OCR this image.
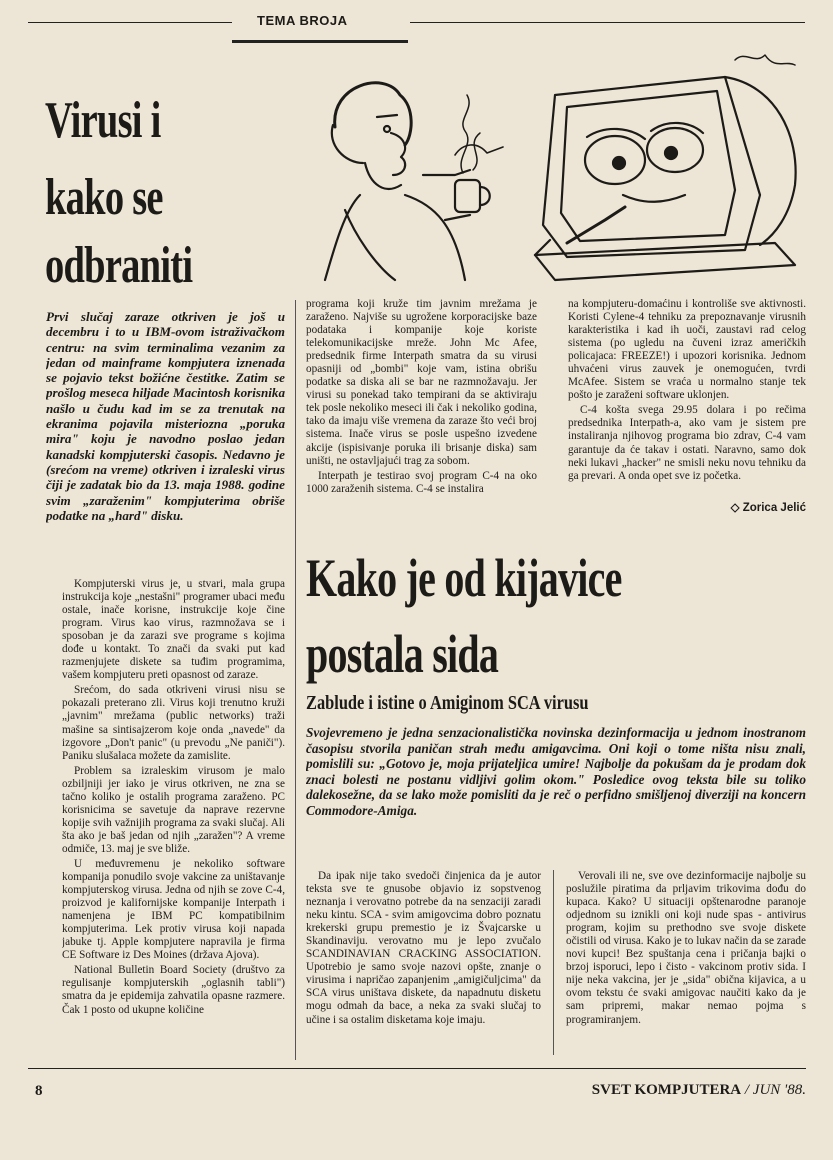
TEMA BROJA
Virusi i
kako se
odbraniti
Prvi slučaj zaraze otkriven je još u decembru i to u IBM-ovom istraživačkom centru: na svim terminalima vezanim za jedan od mainframe kompjutera iznenada se pojavio tekst božićne čestitke. Zatim se prošlog meseca hiljade Macintosh korisnika našlo u čudu kad im se za trenutak na ekranima pojavila misteriozna „poruka mira" koju je navodno poslao jedan kanadski kompjuterski časopis. Nedavno je (srećom na vreme) otkriven i izraleski virus čiji je zadatak bio da 13. maja 1988. godine svim „zaraženim" kompjuterima obriše podatke na „hard" disku.

Kompjuterski virus je, u stvari, mala grupa instrukcija koje „nestašni" programer ubaci među ostale, inače korisne, instrukcije koje čine program. Virus kao virus, razmnožava se i sposoban je da zarazi sve programe s kojima dođe u kontakt. To znači da svaki put kad razmenjujete diskete sa tuđim programima, vašem kompjuteru preti opasnost od zaraze.

Srećom, do sada otkriveni virusi nisu se pokazali preterano zli. Virus koji trenutno kruži „javnim" mrežama (public networks) traži mašine sa sintisajzerom koje onda „navede" da izgovore „Don't panic" (u prevodu „Ne paniči"). Paniku slušalaca možete da zamislite.

Problem sa izraleskim virusom je malo ozbiljniji jer iako je virus otkriven, ne zna se tačno koliko je ostalih programa zaraženo. PC korisnicima se savetuje da naprave rezervne kopije svih važnijih programa za svaki slučaj. Ali šta ako je baš jedan od njih „zaražen"? A vreme odmiče, 13. maj je sve bliže.

U međuvremenu je nekoliko software kompanija ponudilo svoje vakcine za uništavanje kompjuterskog virusa. Jedna od njih se zove C-4, proizvod je kalifornijske kompanije Interpath i namenjena je IBM PC kompatibilnim kompjuterima. Lek protiv virusa koji napada jabuke tj. Apple kompjutere napravila je firma CE Software iz Des Moines (država Ajova).

National Bulletin Board Society (društvo za regulisanje kompjuterskih „oglasnih tabli") smatra da je epidemija zahvatila opasne razmere. Čak 1 posto od ukupne količine

programa koji kruže tim javnim mrežama je zaraženo. Najviše su ugrožene korporacijske baze podataka i kompanije koje koriste telekomunikacijske mreže. John Mc Afee, predsednik firme Interpath smatra da su virusi opasniji od „bombi" koje vam, istina obrišu podatke sa diska ali se bar ne razmnožavaju. Jer virusi su ponekad tako tempirani da se aktiviraju tek posle nekoliko meseci ili čak i nekoliko godina, tako da imaju više vremena da zaraze što veći broj sistema. Inače virus se posle uspešno izvedene akcije (ispisivanje poruka ili brisanje diska) sam uništi, ne ostavljajući trag za sobom.

Interpath je testirao svoj program C-4 na oko 1000 zaraženih sistema. C-4 se instalira

na kompjuteru-domaćinu i kontroliše sve aktivnosti. Koristi Cylene-4 tehniku za prepoznavanje virusnih karakteristika i kad ih uoči, zaustavi rad celog sistema (po ugledu na čuveni izraz američkih policajaca: FREEZE!) i upozori korisnika. Jednom uhvaćeni virus zauvek je onemogućen, tvrdi McAfee. Sistem se vraća u normalno stanje tek pošto je zaraženi software uklonjen.

C-4 košta svega 29.95 dolara i po rečima predsednika Interpath-a, ako vam je sistem pre instaliranja njihovog programa bio zdrav, C-4 vam garantuje da će takav i ostati. Naravno, samo dok neki lukavi „hacker" ne smisli neku novu tehniku da ga prevari. A onda opet sve iz početka.

◇ Zorica Jelić
Kako je od kijavice
postala sida
Zablude i istine o Amiginom SCA virusu
Svojevremeno je jedna senzacionalistička novinska dezinformacija u jednom inostranom časopisu stvorila paničan strah među amigavcima. Oni koji o tome ništa nisu znali, pomislili su: „Gotovo je, moja prijateljica umire! Najbolje da pokušam da je prodam dok znaci bolesti ne postanu vidljivi golim okom." Posledice ovog teksta bile su toliko dalekosežne, da se lako može pomisliti da je reč o perfidno smišljenoj diverziji na koncern Commodore-Amiga.

Da ipak nije tako svedoči činjenica da je autor teksta sve te gnusobe objavio iz sopstvenog neznanja i verovatno potrebe da na senzaciji zaradi neku kintu. SCA - svim amigovcima dobro poznatu krekerski grupu premestio je iz Švajcarske u Skandinaviju. verovatno mu je lepo zvučalo SCANDINAVIAN CRACKING ASSOCIATION. Upotrebio je samo svoje nazovi opšte, znanje o virusima i napričao zapanjenim „amigičuljcima" da SCA virus uništava diskete, da napadnutu disketu mogu odmah da bace, a neka za svaki slučaj to učine i sa ostalim disketama koje imaju.

Verovali ili ne, sve ove dezinformacije najbolje su poslužile piratima da prljavim trikovima dođu do kupaca. Kako? U situaciji opštenarodne paranoje odjednom su iznikli oni koji nude spas - antivirus program, kojim su prethodno sve svoje diskete očistili od virusa. Kako je to lukav način da se zarade novi kupci! Bez spuštanja cena i pričanja bajki o brzoj isporuci, lepo i čisto - vakcinom protiv sida. I nije neka vakcina, jer je „sida" obična kijavica, a u ovom tekstu će svaki amigovac naučiti kako da je sam pripremi, makar nemao pojma s programiranjem.

8	SVET KOMPJUTERA / JUN '88.
